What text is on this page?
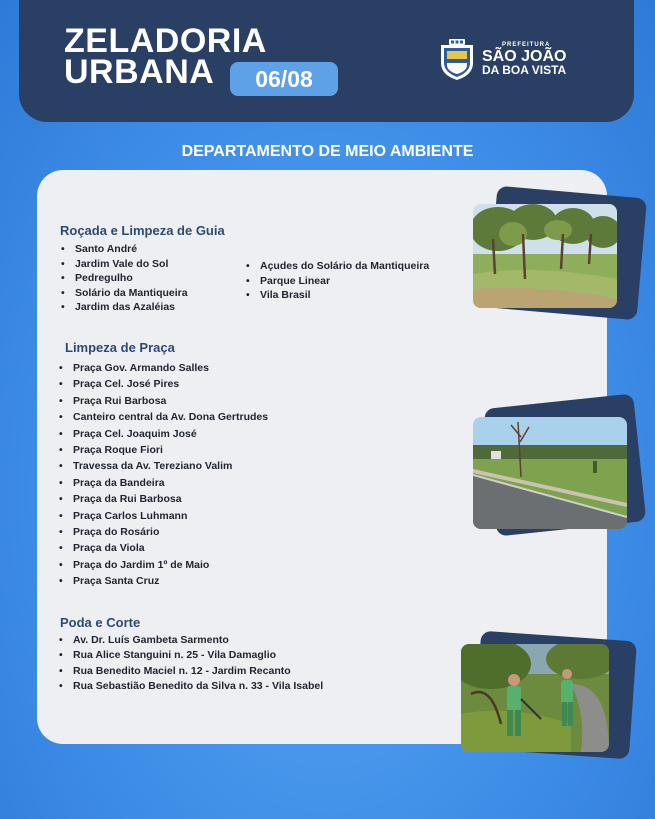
ZELADORIA
URBANA	06/08
PREFEITURA
SÃO JOÃO
DA BOA VISTA
DEPARTAMENTO DE MEIO AMBIENTE
Roçada e Limpeza de Guia
• Santo André
• Jardim Vale do Sol
• Pedregulho
• Solário da Mantiqueira
• Jardim das Azaléias
• Açudes do Solário da Mantiqueira
• Parque Linear
• Vila Brasil
Limpeza de Praça
• Praça Gov. Armando Salles
• Praça Cel. José Pires
• Praça Rui Barbosa
• Canteiro central da Av. Dona Gertrudes
• Praça Cel. Joaquim José
• Praça Roque Fiori
• Travessa da Av. Tereziano Valim
• Praça da Bandeira
• Praça da Rui Barbosa
• Praça Carlos Luhmann
• Praça do Rosário
• Praça da Viola
• Praça do Jardim 1º de Maio
• Praça Santa Cruz
Poda e Corte
• Av. Dr. Luís Gambeta Sarmento
• Rua Alice Stanguini n. 25 - Vila Damaglio
• Rua Benedito Maciel n. 12 - Jardim Recanto
• Rua Sebastião Benedito da Silva n. 33 - Vila Isabel
